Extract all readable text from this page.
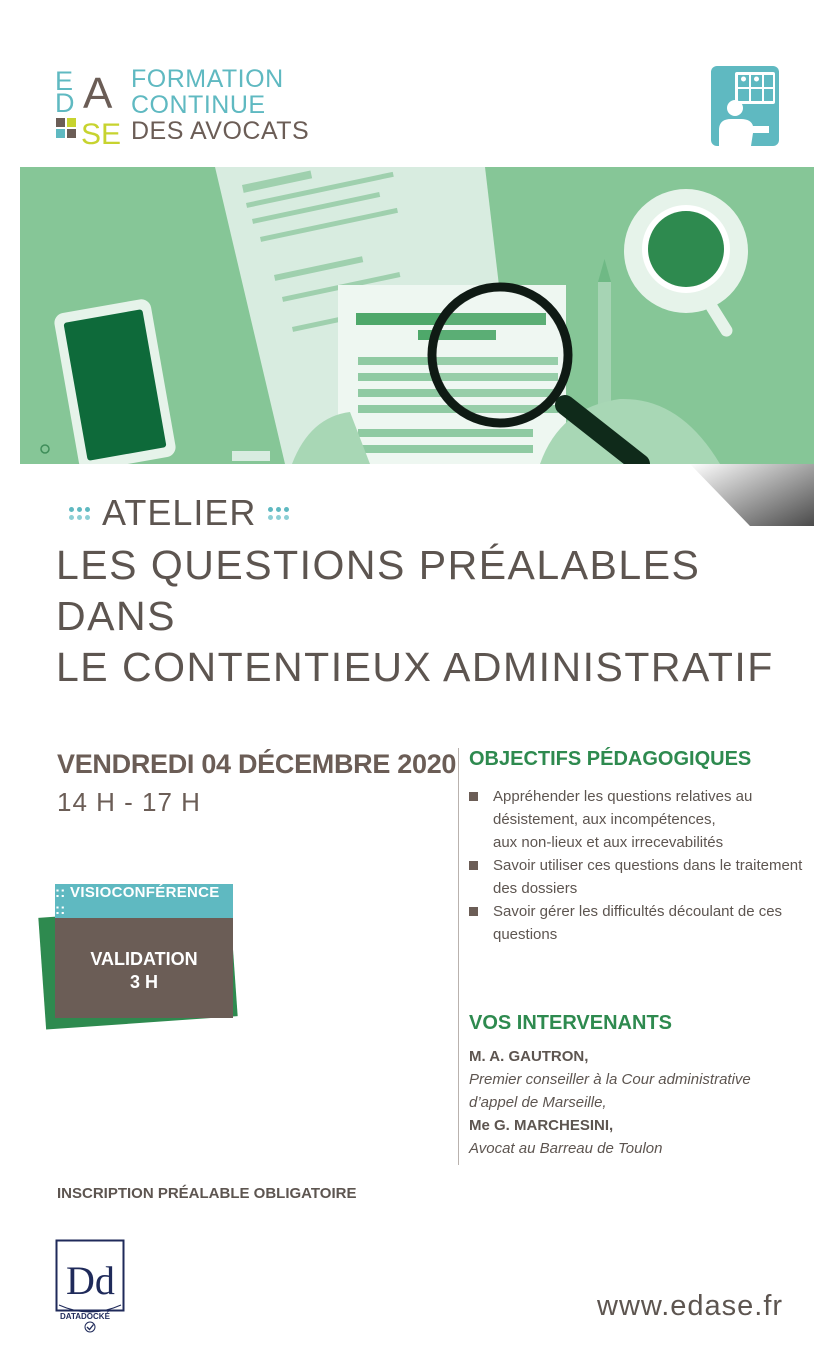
E
D A
S E
FORMATION
CONTINUE
DES AVOCATS
ATELIER
LES QUESTIONS PRÉALABLES DANS
LE CONTENTIEUX ADMINISTRATIF
VENDREDI 04 DÉCEMBRE 2020
14 H - 17 H
:: VISIOCONFÉRENCE ::
VALIDATION
3 H
INSCRIPTION PRÉALABLE OBLIGATOIRE
Dd
DATADOCKÉ
OBJECTIFS PÉDAGOGIQUES
Appréhender les questions relatives au
désistement, aux incompétences,
aux non-lieux et aux irrecevabilités
Savoir utiliser ces questions dans le traitement
des dossiers
Savoir gérer les difficultés découlant de ces
questions
VOS INTERVENANTS
M. A. GAUTRON,
Premier conseiller à la Cour administrative
d’appel de Marseille,
Me G. MARCHESINI,
Avocat au Barreau de Toulon
www.edase.fr
